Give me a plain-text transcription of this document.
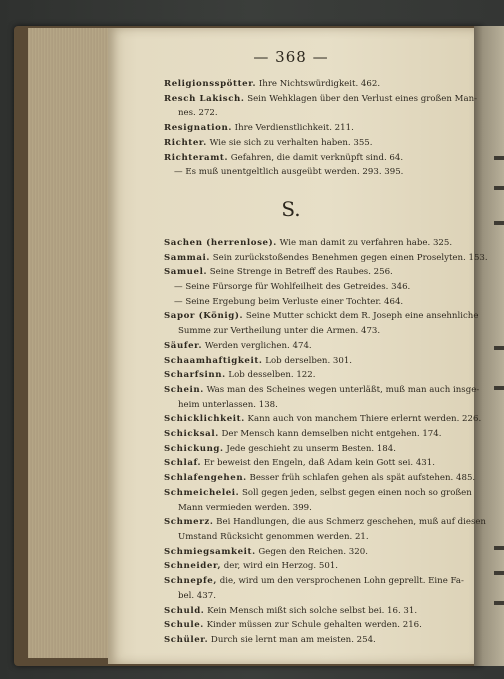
— 368 —
S.
Religionsspötter. Ihre Nichtswürdigkeit. 462.
Resch Lakisch. Sein Wehklagen über den Verlust eines großen Man-
nes. 272.
Resignation. Ihre Verdienstlichkeit. 211.
Richter. Wie sie sich zu verhalten haben. 355.
Richteramt. Gefahren, die damit verknüpft sind. 64.
— Es muß unentgeltlich ausgeübt werden. 293. 395.
Sachen (herrenlose). Wie man damit zu verfahren habe. 325.
Sammai. Sein zurückstoßendes Benehmen gegen einen Proselyten. 153.
Samuel. Seine Strenge in Betreff des Raubes. 256.
— Seine Fürsorge für Wohlfeilheit des Getreides. 346.
— Seine Ergebung beim Verluste einer Tochter. 464.
Sapor (König). Seine Mutter schickt dem R. Joseph eine ansehnliche
Summe zur Vertheilung unter die Armen. 473.
Säufer. Werden verglichen. 474.
Schaamhaftigkeit. Lob derselben. 301.
Scharfsinn. Lob desselben. 122.
Schein. Was man des Scheines wegen unterläßt, muß man auch insge-
heim unterlassen. 138.
Schicklichkeit. Kann auch von manchem Thiere erlernt werden. 226.
Schicksal. Der Mensch kann demselben nicht entgehen. 174.
Schickung. Jede geschieht zu unserm Besten. 184.
Schlaf. Er beweist den Engeln, daß Adam kein Gott sei. 431.
Schlafengehen. Besser früh schlafen gehen als spät aufstehen. 485.
Schmeichelei. Soll gegen jeden, selbst gegen einen noch so großen
Mann vermieden werden. 399.
Schmerz. Bei Handlungen, die aus Schmerz geschehen, muß auf diesen
Umstand Rücksicht genommen werden. 21.
Schmiegsamkeit. Gegen den Reichen. 320.
Schneider, der, wird ein Herzog. 501.
Schnepfe, die, wird um den versprochenen Lohn geprellt. Eine Fa-
bel. 437.
Schuld. Kein Mensch mißt sich solche selbst bei. 16. 31.
Schule. Kinder müssen zur Schule gehalten werden. 216.
Schüler. Durch sie lernt man am meisten. 254.
